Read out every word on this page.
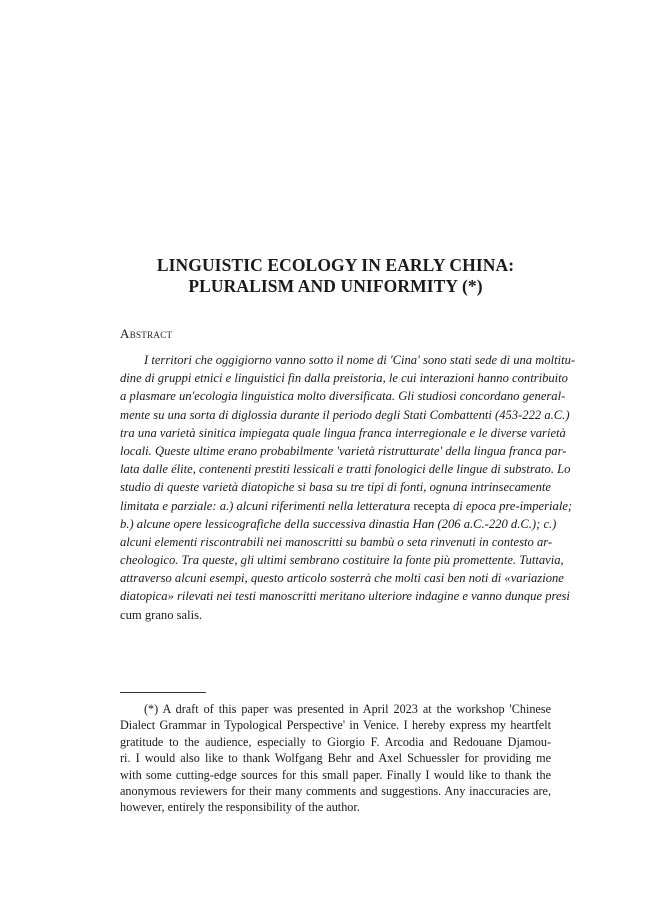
LINGUISTIC ECOLOGY IN EARLY CHINA:
PLURALISM AND UNIFORMITY (*)
Abstract
I territori che oggigiorno vanno sotto il nome di 'Cina' sono stati sede di una moltitu-
dine di gruppi etnici e linguistici fin dalla preistoria, le cui interazioni hanno contribuito
a plasmare un'ecologia linguistica molto diversificata. Gli studiosi concordano general-
mente su una sorta di diglossia durante il periodo degli Stati Combattenti (453-222 a.C.)
tra una varietà sinitica impiegata quale lingua franca interregionale e le diverse varietà
locali. Queste ultime erano probabilmente 'varietà ristrutturate' della lingua franca par-
lata dalle élite, contenenti prestiti lessicali e tratti fonologici delle lingue di substrato. Lo
studio di queste varietà diatopiche si basa su tre tipi di fonti, ognuna intrinsecamente
limitata e parziale: a.) alcuni riferimenti nella letteratura recepta di epoca pre-imperiale;
b.) alcune opere lessicografiche della successiva dinastia Han (206 a.C.-220 d.C.); c.)
alcuni elementi riscontrabili nei manoscritti su bambù o seta rinvenuti in contesto ar-
cheologico. Tra queste, gli ultimi sembrano costituire la fonte più promettente. Tuttavia,
attraverso alcuni esempi, questo articolo sosterrà che molti casi ben noti di «variazione
diatopica» rilevati nei testi manoscritti meritano ulteriore indagine e vanno dunque presi
cum grano salis.
(*) A draft of this paper was presented in April 2023 at the workshop 'Chinese
Dialect Grammar in Typological Perspective' in Venice. I hereby express my heartfelt
gratitude to the audience, especially to Giorgio F. Arcodia and Redouane Djamou-
ri. I would also like to thank Wolfgang Behr and Axel Schuessler for providing me
with some cutting-edge sources for this small paper. Finally I would like to thank the
anonymous reviewers for their many comments and suggestions. Any inaccuracies are,
however, entirely the responsibility of the author.
